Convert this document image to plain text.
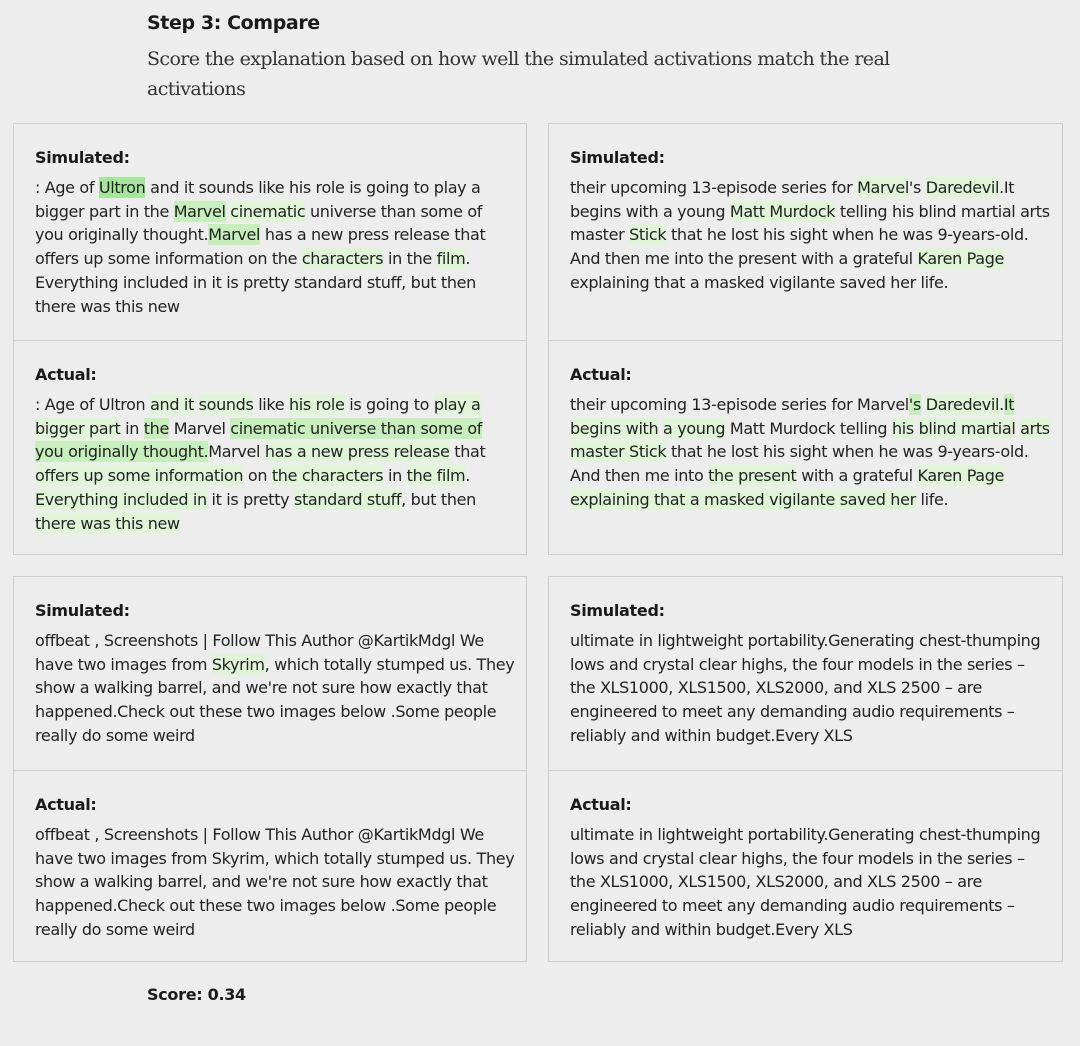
Step 3: Compare
Score the explanation based on how well the simulated activations match the real activations
Simulated:
: Age of Ultron and it sounds like his role is going to play a bigger part in the Marvel cinematic universe than some of you originally thought.Marvel has a new press release that offers up some information on the characters in the film. Everything included in it is pretty standard stuff, but then there was this new
Actual:
: Age of Ultron and it sounds like his role is going to play a bigger part in the Marvel cinematic universe than some of you originally thought.Marvel has a new press release that offers up some information on the characters in the film. Everything included in it is pretty standard stuff, but then there was this new
Simulated:
their upcoming 13-episode series for Marvel's Daredevil.It begins with a young Matt Murdock telling his blind martial arts master Stick that he lost his sight when he was 9-years-old. And then me into the present with a grateful Karen Page explaining that a masked vigilante saved her life.
Actual:
their upcoming 13-episode series for Marvel's Daredevil.It begins with a young Matt Murdock telling his blind martial arts master Stick that he lost his sight when he was 9-years-old. And then me into the present with a grateful Karen Page explaining that a masked vigilante saved her life.
Simulated:
offbeat , Screenshots | Follow This Author @KartikMdgl We have two images from Skyrim, which totally stumped us. They show a walking barrel, and we're not sure how exactly that happened.Check out these two images below .Some people really do some weird
Actual:
offbeat , Screenshots | Follow This Author @KartikMdgl We have two images from Skyrim, which totally stumped us. They show a walking barrel, and we're not sure how exactly that happened.Check out these two images below .Some people really do some weird
Simulated:
ultimate in lightweight portability.Generating chest-thumping lows and crystal clear highs, the four models in the series – the XLS1000, XLS1500, XLS2000, and XLS 2500 – are engineered to meet any demanding audio requirements – reliably and within budget.Every XLS
Actual:
ultimate in lightweight portability.Generating chest-thumping lows and crystal clear highs, the four models in the series – the XLS1000, XLS1500, XLS2000, and XLS 2500 – are engineered to meet any demanding audio requirements – reliably and within budget.Every XLS
Score: 0.34
